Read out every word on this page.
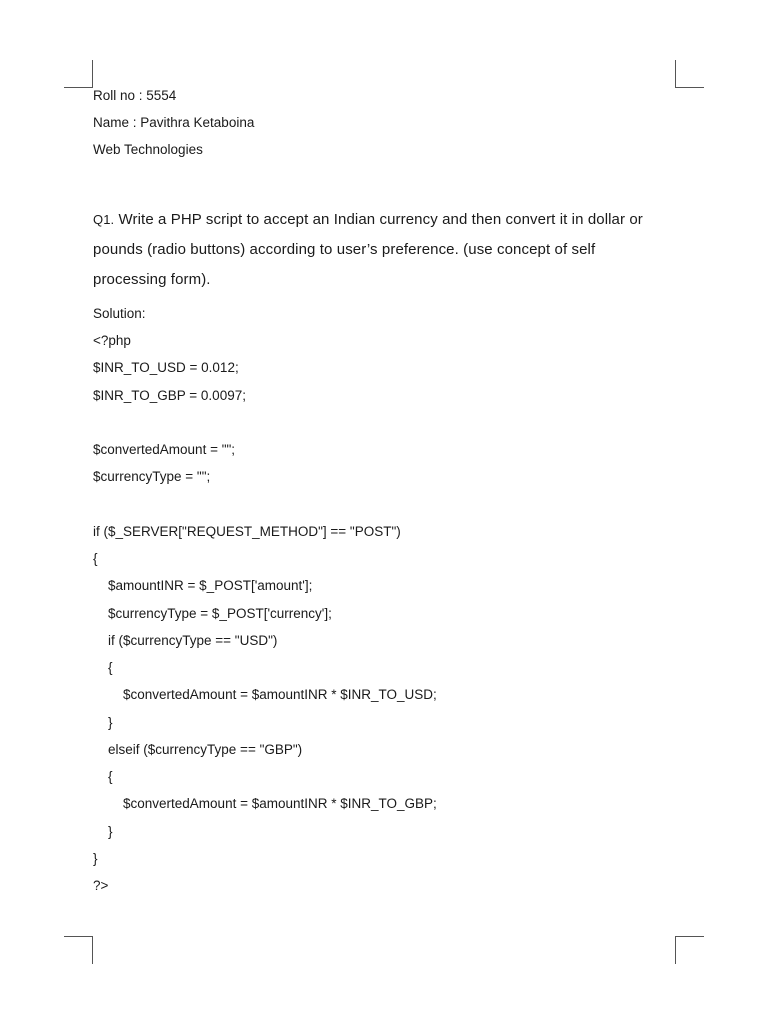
Roll no : 5554
Name : Pavithra Ketaboina
Web Technologies
Q1. Write a PHP script to accept an Indian currency and then convert it in dollar or pounds (radio buttons) according to user’s preference. (use concept of self processing form).
Solution:
<?php
$INR_TO_USD = 0.012;
$INR_TO_GBP = 0.0097;
$convertedAmount = "";
$currencyType = "";
if ($_SERVER["REQUEST_METHOD"] == "POST")
{
$amountINR = $_POST['amount'];
$currencyType = $_POST['currency'];
if ($currencyType == "USD")
{
$convertedAmount = $amountINR * $INR_TO_USD;
}
elseif ($currencyType == "GBP")
{
$convertedAmount = $amountINR * $INR_TO_GBP;
}
}
?>
